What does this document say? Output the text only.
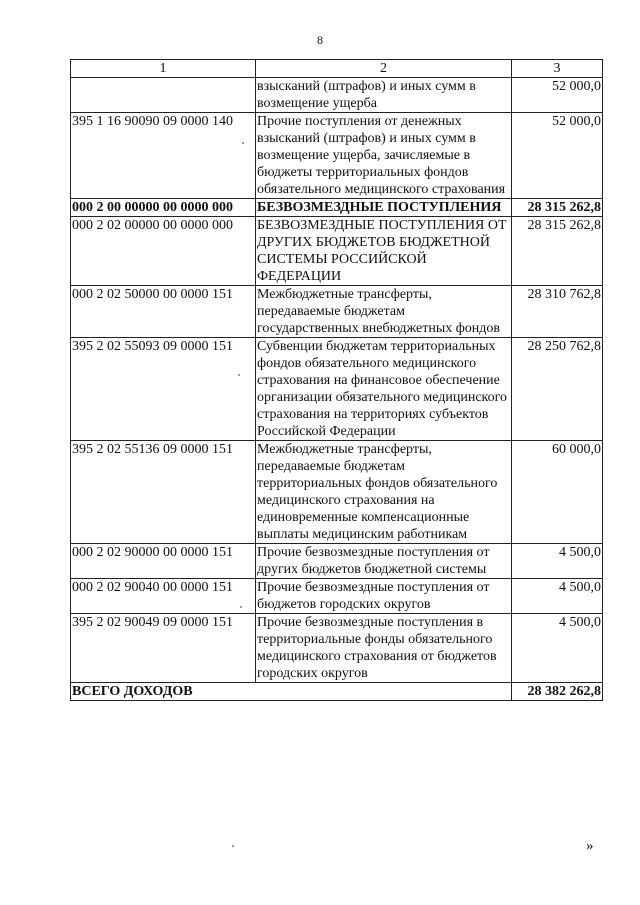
8
1	2	3
	взысканий (штрафов) и иных сумм в возмещение ущерба	52 000,0
395 1 16 90090 09 0000 140	Прочие поступления от денежных взысканий (штрафов) и иных сумм в возмещение ущерба, зачисляемые в бюджеты территориальных фондов обязательного медицинского страхования	52 000,0
000 2 00 00000 00 0000 000	БЕЗВОЗМЕЗДНЫЕ ПОСТУПЛЕНИЯ	28 315 262,8
000 2 02 00000 00 0000 000	БЕЗВОЗМЕЗДНЫЕ ПОСТУПЛЕНИЯ ОТ ДРУГИХ БЮДЖЕТОВ БЮДЖЕТНОЙ СИСТЕМЫ РОССИЙСКОЙ ФЕДЕРАЦИИ	28 315 262,8
000 2 02 50000 00 0000 151	Межбюджетные трансферты, передаваемые бюджетам государственных внебюджетных фондов	28 310 762,8
395 2 02 55093 09 0000 151	Субвенции бюджетам территориальных фондов обязательного медицинского страхования на финансовое обеспечение организации обязательного медицинского страхования на территориях субъектов Российской Федерации	28 250 762,8
395 2 02 55136 09 0000 151	Межбюджетные трансферты, передаваемые бюджетам территориальных фондов обязательного медицинского страхования на единовременные компенсационные выплаты медицинским работникам	60 000,0
000 2 02 90000 00 0000 151	Прочие безвозмездные поступления от других бюджетов бюджетной системы	4 500,0
000 2 02 90040 00 0000 151	Прочие безвозмездные поступления от бюджетов городских округов	4 500,0
395 2 02 90049 09 0000 151	Прочие безвозмездные поступления в территориальные фонды обязательного медицинского страхования от бюджетов городских округов	4 500,0
ВСЕГО ДОХОДОВ		28 382 262,8
»
